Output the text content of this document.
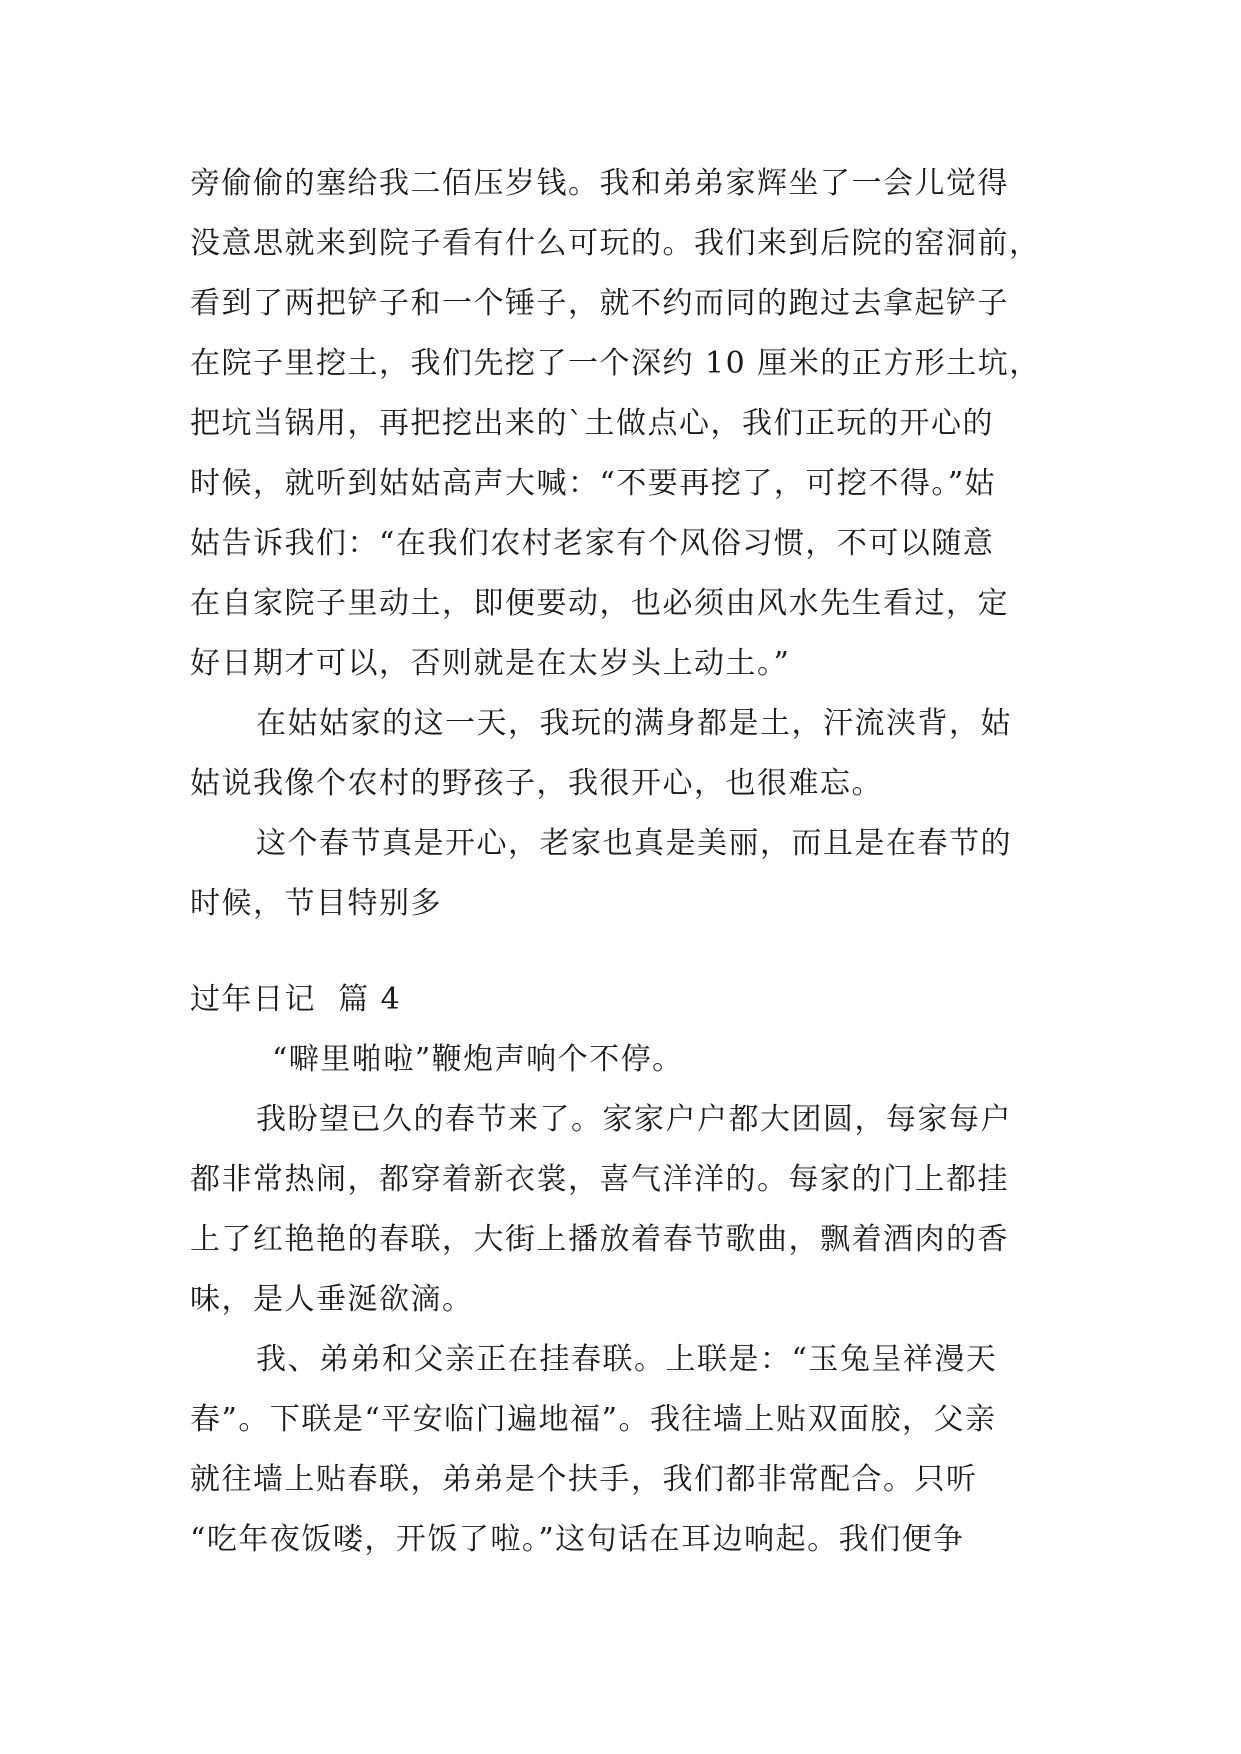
旁偷偷的塞给我二佰压岁钱。我和弟弟家辉坐了一会儿觉得
没意思就来到院子看有什么可玩的。我们来到后院的窑洞前，
看到了两把铲子和一个锤子，就不约而同的跑过去拿起铲子
在院子里挖土，我们先挖了一个深约 10 厘米的正方形土坑，
把坑当锅用，再把挖出来的`土做点心，我们正玩的开心的
时候，就听到姑姑高声大喊：“不要再挖了，可挖不得。”姑
姑告诉我们：“在我们农村老家有个风俗习惯，不可以随意
在自家院子里动土，即便要动，也必须由风水先生看过，定
好日期才可以，否则就是在太岁头上动土。”
在姑姑家的这一天，我玩的满身都是土，汗流浃背，姑
姑说我像个农村的野孩子，我很开心，也很难忘。
这个春节真是开心，老家也真是美丽，而且是在春节的
时候，节目特别多
过年日记  篇 4
“噼里啪啦”鞭炮声响个不停。
我盼望已久的春节来了。家家户户都大团圆，每家每户
都非常热闹，都穿着新衣裳，喜气洋洋的。每家的门上都挂
上了红艳艳的春联，大街上播放着春节歌曲，飘着酒肉的香
味，是人垂涎欲滴。
我、弟弟和父亲正在挂春联。上联是：“玉兔呈祥漫天
春”。下联是“平安临门遍地福”。我往墙上贴双面胶，父亲
就往墙上贴春联，弟弟是个扶手，我们都非常配合。只听
“吃年夜饭喽，开饭了啦。”这句话在耳边响起。我们便争
